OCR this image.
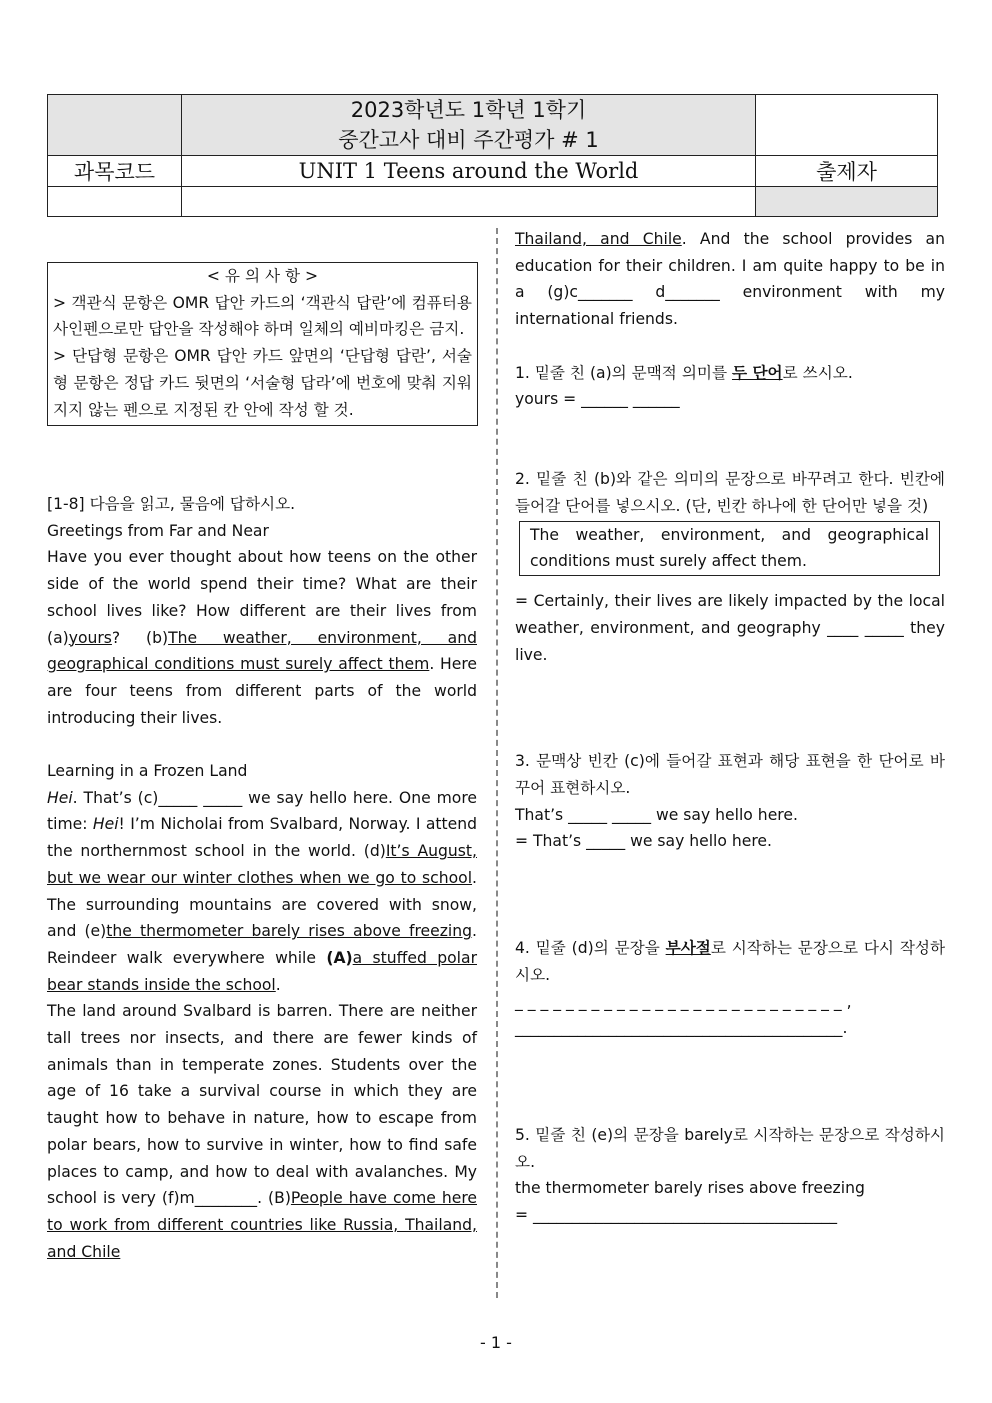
	2023학년도 1학년 1학기
중간고사 대비 주간평가 # 1	

과목코드	UNIT 1 Teens around the World	출제자

< 유 의 사 항 >

> 객관식 문항은 OMR 답안 카드의 ‘객관식 답란’에 컴퓨터용 사인펜으로만 답안을 작성해야 하며 일체의 예비마킹은 금지.

> 단답형 문항은 OMR 답안 카드 앞면의 ‘단답형 답란’, 서술형 문항은 정답 카드 뒷면의 ‘서술형 답라’에 번호에 맞춰 지워지지 않는 펜으로 지정된 칸 안에 작성 할 것.

[1-8] 다음을 읽고, 물음에 답하시오.

Greetings from Far and Near

Have you ever thought about how teens on the other side of the world spend their time? What are their school lives like? How different are their lives from (a)yours? (b)The weather, environment, and geographical conditions must surely affect them. Here are four teens from different parts of the world introducing their lives.

Learning in a Frozen Land

Hei. That’s (c)_____ _____ we say hello here. One more time: Hei! I’m Nicholai from Svalbard, Norway. I attend the northernmost school in the world. (d)It’s August, but we wear our winter clothes when we go to school. The surrounding mountains are covered with snow, and (e)the thermometer barely rises above freezing. Reindeer walk everywhere while (A)a stuffed polar bear stands inside the school.

The land around Svalbard is barren. There are neither tall trees nor insects, and there are fewer kinds of animals than in temperate zones. Students over the age of 16 take a survival course in which they are taught how to behave in nature, how to escape from polar bears, how to survive in winter, how to find safe places to camp, and how to deal with avalanches. My school is very (f)m________. (B)People have come here to work from different countries like Russia, Thailand, and Chile

Thailand, and Chile. And the school provides an education for their children. I am quite happy to be in a (g)c_______ d_______ environment with my international friends.

1. 밑줄 친 (a)의 문맥적 의미를 두 단어로 쓰시오.

yours = ______ ______

2. 밑줄 친 (b)와 같은 의미의 문장으로 바꾸려고 한다. 빈칸에 들어갈 단어를 넣으시오. (단, 빈칸 하나에 한 단어만 넣을 것)

The weather, environment, and geographical conditions must surely affect them.

= Certainly, their lives are likely impacted by the local weather, environment, and geography ____ _____ they live.

3. 문맥상 빈칸 (c)에 들어갈 표현과 해당 표현을 한 단어로 바꾸어 표현하시오.

That’s _____ _____ we say hello here.

= That’s _____ we say hello here.

4. 밑줄 (d)의 문장을 부사절로 시작하는 문장으로 다시 작성하시오.

_ _ _ _ _ _ _ _ _ _ _ _ _ _ _ _ _ _ _ _ _ _ _ _ _ _ ,

__________________________________________.

5. 밑줄 친 (e)의 문장을 barely로 시작하는 문장으로 작성하시오.

the thermometer barely rises above freezing

= _______________________________________

- 1 -
